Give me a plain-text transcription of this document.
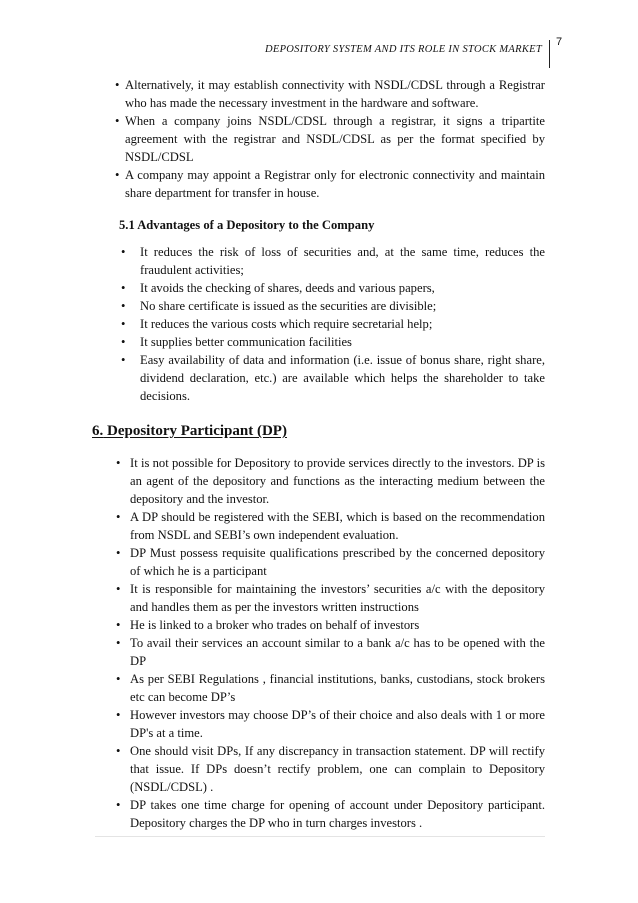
DEPOSITORY SYSTEM AND ITS ROLE IN STOCK MARKET
7
• Alternatively, it may establish connectivity with NSDL/CDSL through a Registrar who has made the necessary investment in the hardware and software.
• When a company joins NSDL/CDSL through a registrar, it signs a tripartite agreement with the registrar and NSDL/CDSL as per the format specified by NSDL/CDSL
• A company may appoint a Registrar only for electronic connectivity and maintain share department for transfer in house.
5.1 Advantages of a Depository to the Company
• It reduces the risk of loss of securities and, at the same time, reduces the fraudulent activities;
• It avoids the checking of shares, deeds and various papers,
• No share certificate is issued as the securities are divisible;
• It reduces the various costs which require secretarial help;
• It supplies better communication facilities
• Easy availability of data and information (i.e. issue of bonus share, right share, dividend declaration, etc.) are available which helps the shareholder to take decisions.
6. Depository Participant (DP)
• It is not possible for Depository to provide services directly to the investors. DP is an agent of the depository and functions as the interacting medium between the depository and the investor.
• A DP should be registered with the SEBI, which is based on the recommendation from NSDL and SEBI’s own independent evaluation.
• DP Must possess requisite qualifications prescribed by the concerned depository of which he is a participant
• It is responsible for maintaining the investors’ securities a/c with the depository and handles them as per the investors written instructions
• He is linked to a broker who trades on behalf of investors
• To avail their services an account similar to a bank a/c has to be opened with the DP
• As per SEBI Regulations , financial institutions, banks, custodians, stock brokers etc can become DP’s
• However investors may choose DP’s of their choice and also deals with 1 or more DP's at a time.
• One should visit DPs, If any discrepancy in transaction statement. DP will rectify that issue. If DPs doesn’t rectify problem, one can complain to Depository (NSDL/CDSL) .
• DP takes one time charge for opening of account under Depository participant. Depository charges the DP who in turn charges investors .
